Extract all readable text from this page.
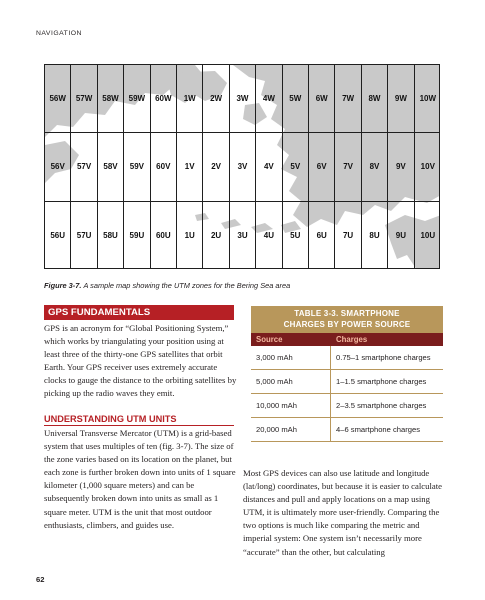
NAVIGATION
56W	57W	58W	59W	60W	1W	2W	3W	4W	5W	6W	7W	8W	9W	10W
56V	57V	58V	59V	60V	1V	2V	3V	4V	5V	6V	7V	8V	9V	10V
56U	57U	58U	59U	60U	1U	2U	3U	4U	5U	6U	7U	8U	9U	10U
Figure 3-7. A sample map showing the UTM zones for the Bering Sea area
GPS FUNDAMENTALS
GPS is an acronym for “Global Positioning System,” which works by triangulating your position using at least three of the thirty-one GPS satellites that orbit Earth. Your GPS receiver uses extremely accurate clocks to gauge the distance to the orbiting satellites by picking up the radio waves they emit.
UNDERSTANDING UTM UNITS
Universal Transverse Mercator (UTM) is a grid-based system that uses multiples of ten (fig. 3-7). The size of the zone varies based on its location on the planet, but each zone is further broken down into units of 1 square kilometer (1,000 square meters) and can be subsequently broken down into units as small as 1 square meter. UTM is the unit that most outdoor enthusiasts, climbers, and guides use.
TABLE 3-3. SMARTPHONE
CHARGES BY POWER SOURCE
Source	Charges
3,000 mAh	0.75–1 smartphone charges
5,000 mAh	1–1.5 smartphone charges
10,000 mAh	2–3.5 smartphone charges
20,000 mAh	4–6 smartphone charges
Most GPS devices can also use latitude and longitude (lat/long) coordinates, but because it is easier to calculate distances and pull and apply locations on a map using UTM, it is ultimately more user-friendly. Comparing the two options is much like comparing the metric and imperial system: One system isn’t necessarily more “accurate” than the other, but calculating
62
